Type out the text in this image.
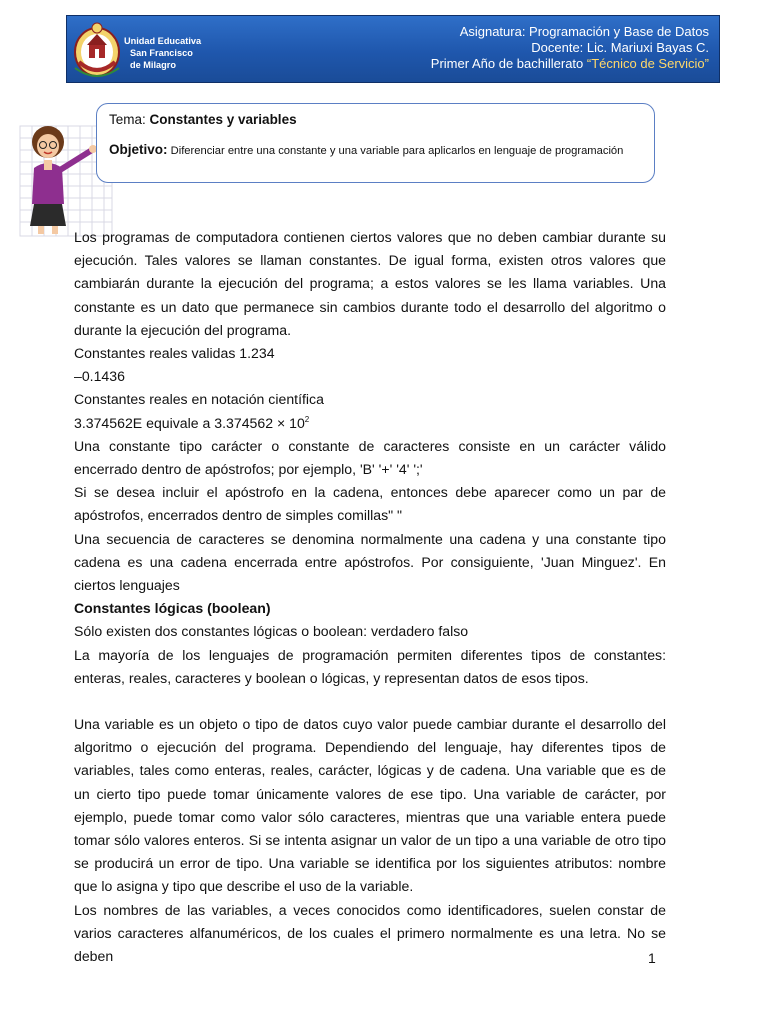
Unidad Educativa
San Francisco
de Milagro
Asignatura: Programación y Base de Datos
Docente: Lic. Mariuxi Bayas C.
Primer Año de bachillerato “Técnico de Servicio”
Tema: Constantes y variables
Objetivo: Diferenciar entre una constante y una variable para aplicarlos en lenguaje de programación

Los programas de computadora contienen ciertos valores que no deben cambiar durante su ejecución. Tales valores se llaman constantes. De igual forma, existen otros valores que cambiarán durante la ejecución del programa; a estos valores se les llama variables. Una constante es un dato que permanece sin cambios durante todo el desarrollo del algoritmo o durante la ejecución del programa.

Constantes reales validas 1.234

–0.1436

Constantes reales en notación científica

3.374562E equivale a $3.374562 \times 10^2$

Una constante tipo carácter o constante de caracteres consiste en un carácter válido encerrado dentro de apóstrofos; por ejemplo, 'B' '+' '4' ';'

Si se desea incluir el apóstrofo en la cadena, entonces debe aparecer como un par de apóstrofos, encerrados dentro de simples comillas" "

Una secuencia de caracteres se denomina normalmente una cadena y una constante tipo cadena es una cadena encerrada entre apóstrofos. Por consiguiente, 'Juan Minguez'. En ciertos lenguajes

Constantes lógicas (boolean)

Sólo existen dos constantes lógicas o boolean: verdadero falso

La mayoría de los lenguajes de programación permiten diferentes tipos de constantes: enteras, reales, caracteres y boolean o lógicas, y representan datos de esos tipos.

Una variable es un objeto o tipo de datos cuyo valor puede cambiar durante el desarrollo del algoritmo o ejecución del programa. Dependiendo del lenguaje, hay diferentes tipos de variables, tales como enteras, reales, carácter, lógicas y de cadena. Una variable que es de un cierto tipo puede tomar únicamente valores de ese tipo. Una variable de carácter, por ejemplo, puede tomar como valor sólo caracteres, mientras que una variable entera puede tomar sólo valores enteros. Si se intenta asignar un valor de un tipo a una variable de otro tipo se producirá un error de tipo. Una variable se identifica por los siguientes atributos: nombre que lo asigna y tipo que describe el uso de la variable.

Los nombres de las variables, a veces conocidos como identificadores, suelen constar de varios caracteres alfanuméricos, de los cuales el primero normalmente es una letra. No se deben	1
